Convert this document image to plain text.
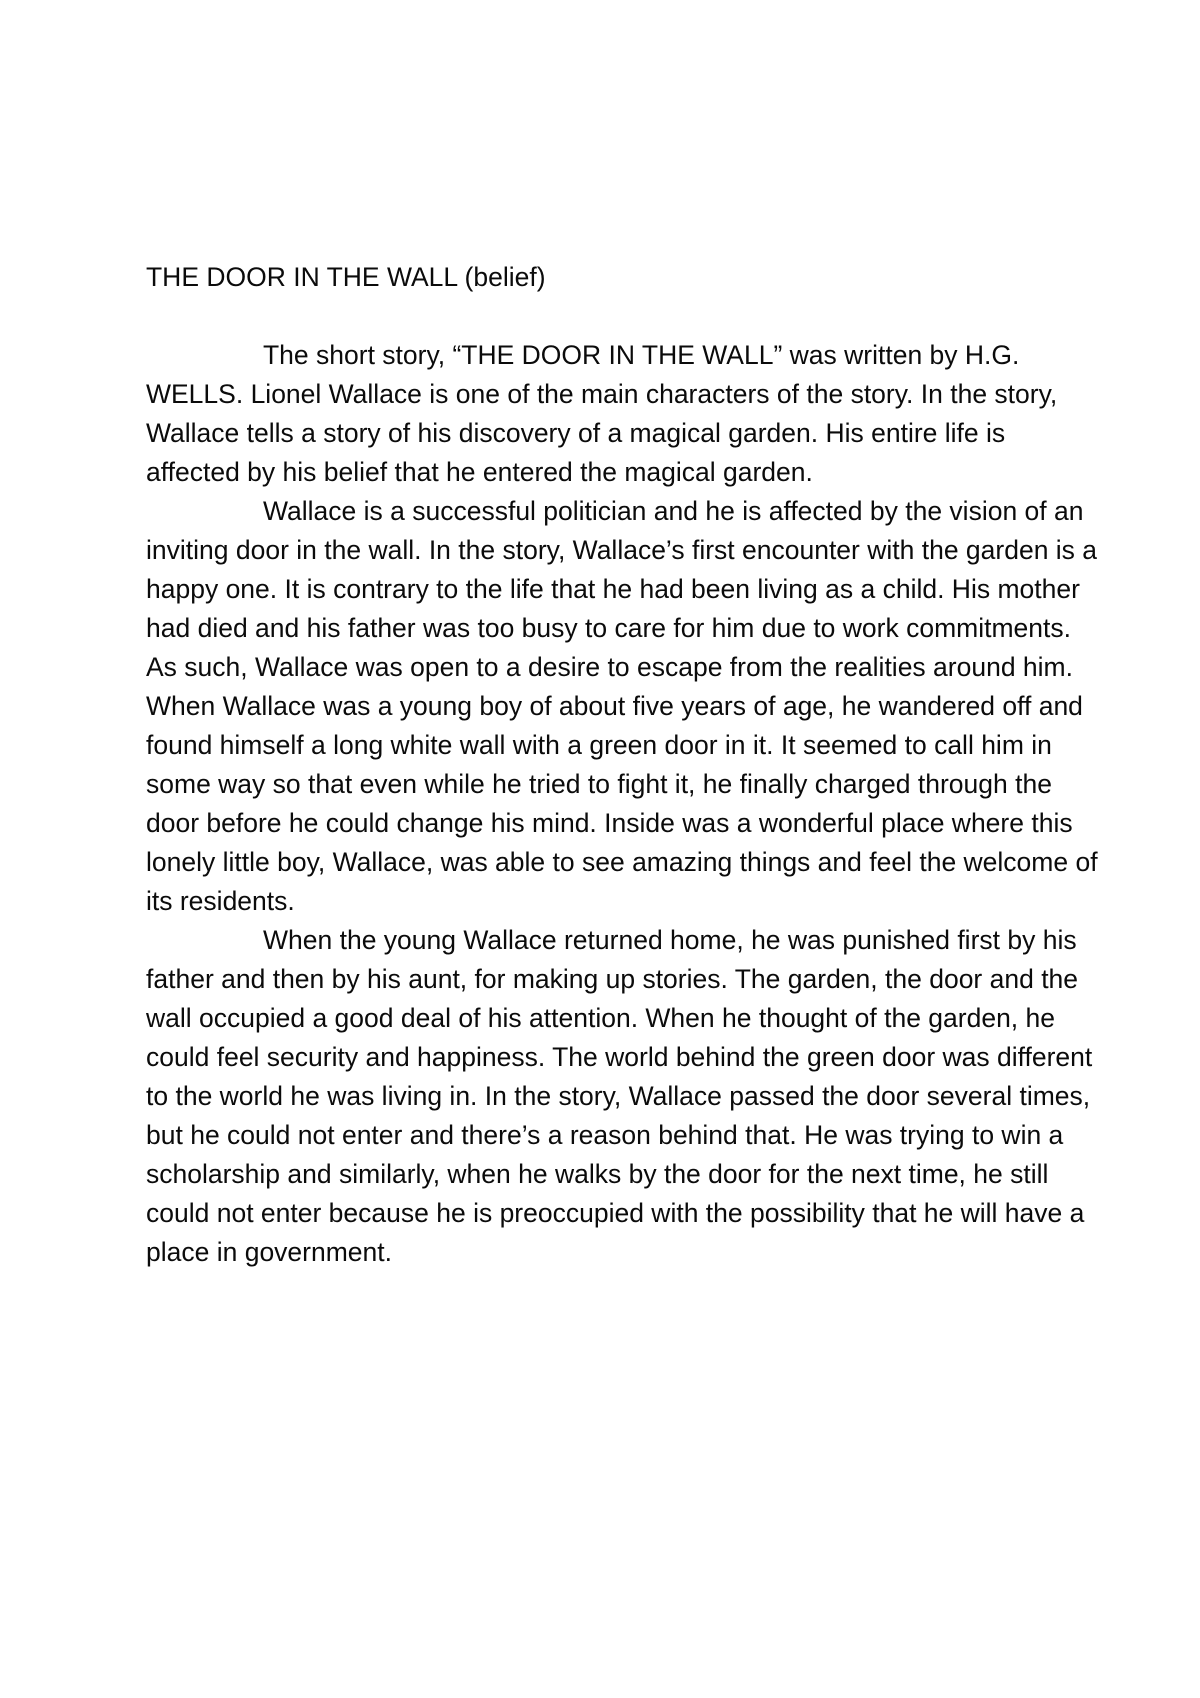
THE DOOR IN THE WALL (belief)

The short story, “THE DOOR IN THE WALL” was written by H.G. WELLS. Lionel Wallace is one of the main characters of the story. In the story, Wallace tells a story of his discovery of a magical garden. His entire life is affected by his belief that he entered the magical garden.

Wallace is a successful politician and he is affected by the vision of an inviting door in the wall. In the story, Wallace’s first encounter with the garden is a happy one. It is contrary to the life that he had been living as a child. His mother had died and his father was too busy to care for him due to work commitments. As such, Wallace was open to a desire to escape from the realities around him. When Wallace was a young boy of about five years of age, he wandered off and found himself a long white wall with a green door in it. It seemed to call him in some way so that even while he tried to fight it, he finally charged through the door before he could change his mind. Inside was a wonderful place where this lonely little boy, Wallace, was able to see amazing things and feel the welcome of its residents.

When the young Wallace returned home, he was punished first by his father and then by his aunt, for making up stories. The garden, the door and the wall occupied a good deal of his attention. When he thought of the garden, he could feel security and happiness. The world behind the green door was different to the world he was living in. In the story, Wallace passed the door several times, but he could not enter and there’s a reason behind that. He was trying to win a scholarship and similarly, when he walks by the door for the next time, he still could not enter because he is preoccupied with the possibility that he will have a place in government.
